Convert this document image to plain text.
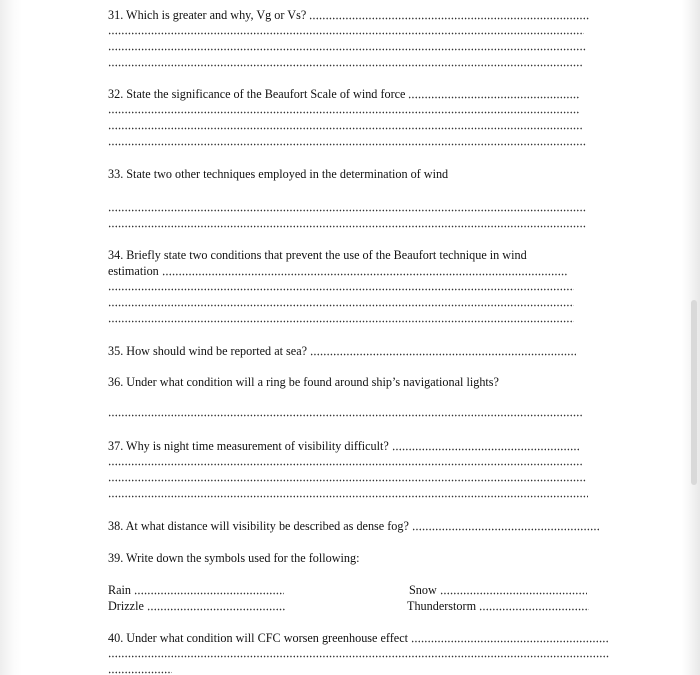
31. Which is greater and why, Vg or Vs?
32. State the significance of the Beaufort Scale of wind force
33. State two other techniques employed in the determination of wind
34. Briefly state two conditions that prevent the use of the Beaufort technique in wind
estimation
35. How should wind be reported at sea?
36. Under what condition will a ring be found around ship’s navigational lights?
37. Why is night time measurement of visibility difficult?
38. At what distance will visibility be described as dense fog?
39. Write down the symbols used for the following:
Rain
Drizzle
Snow
Thunderstorm
40. Under what condition will CFC worsen greenhouse effect
